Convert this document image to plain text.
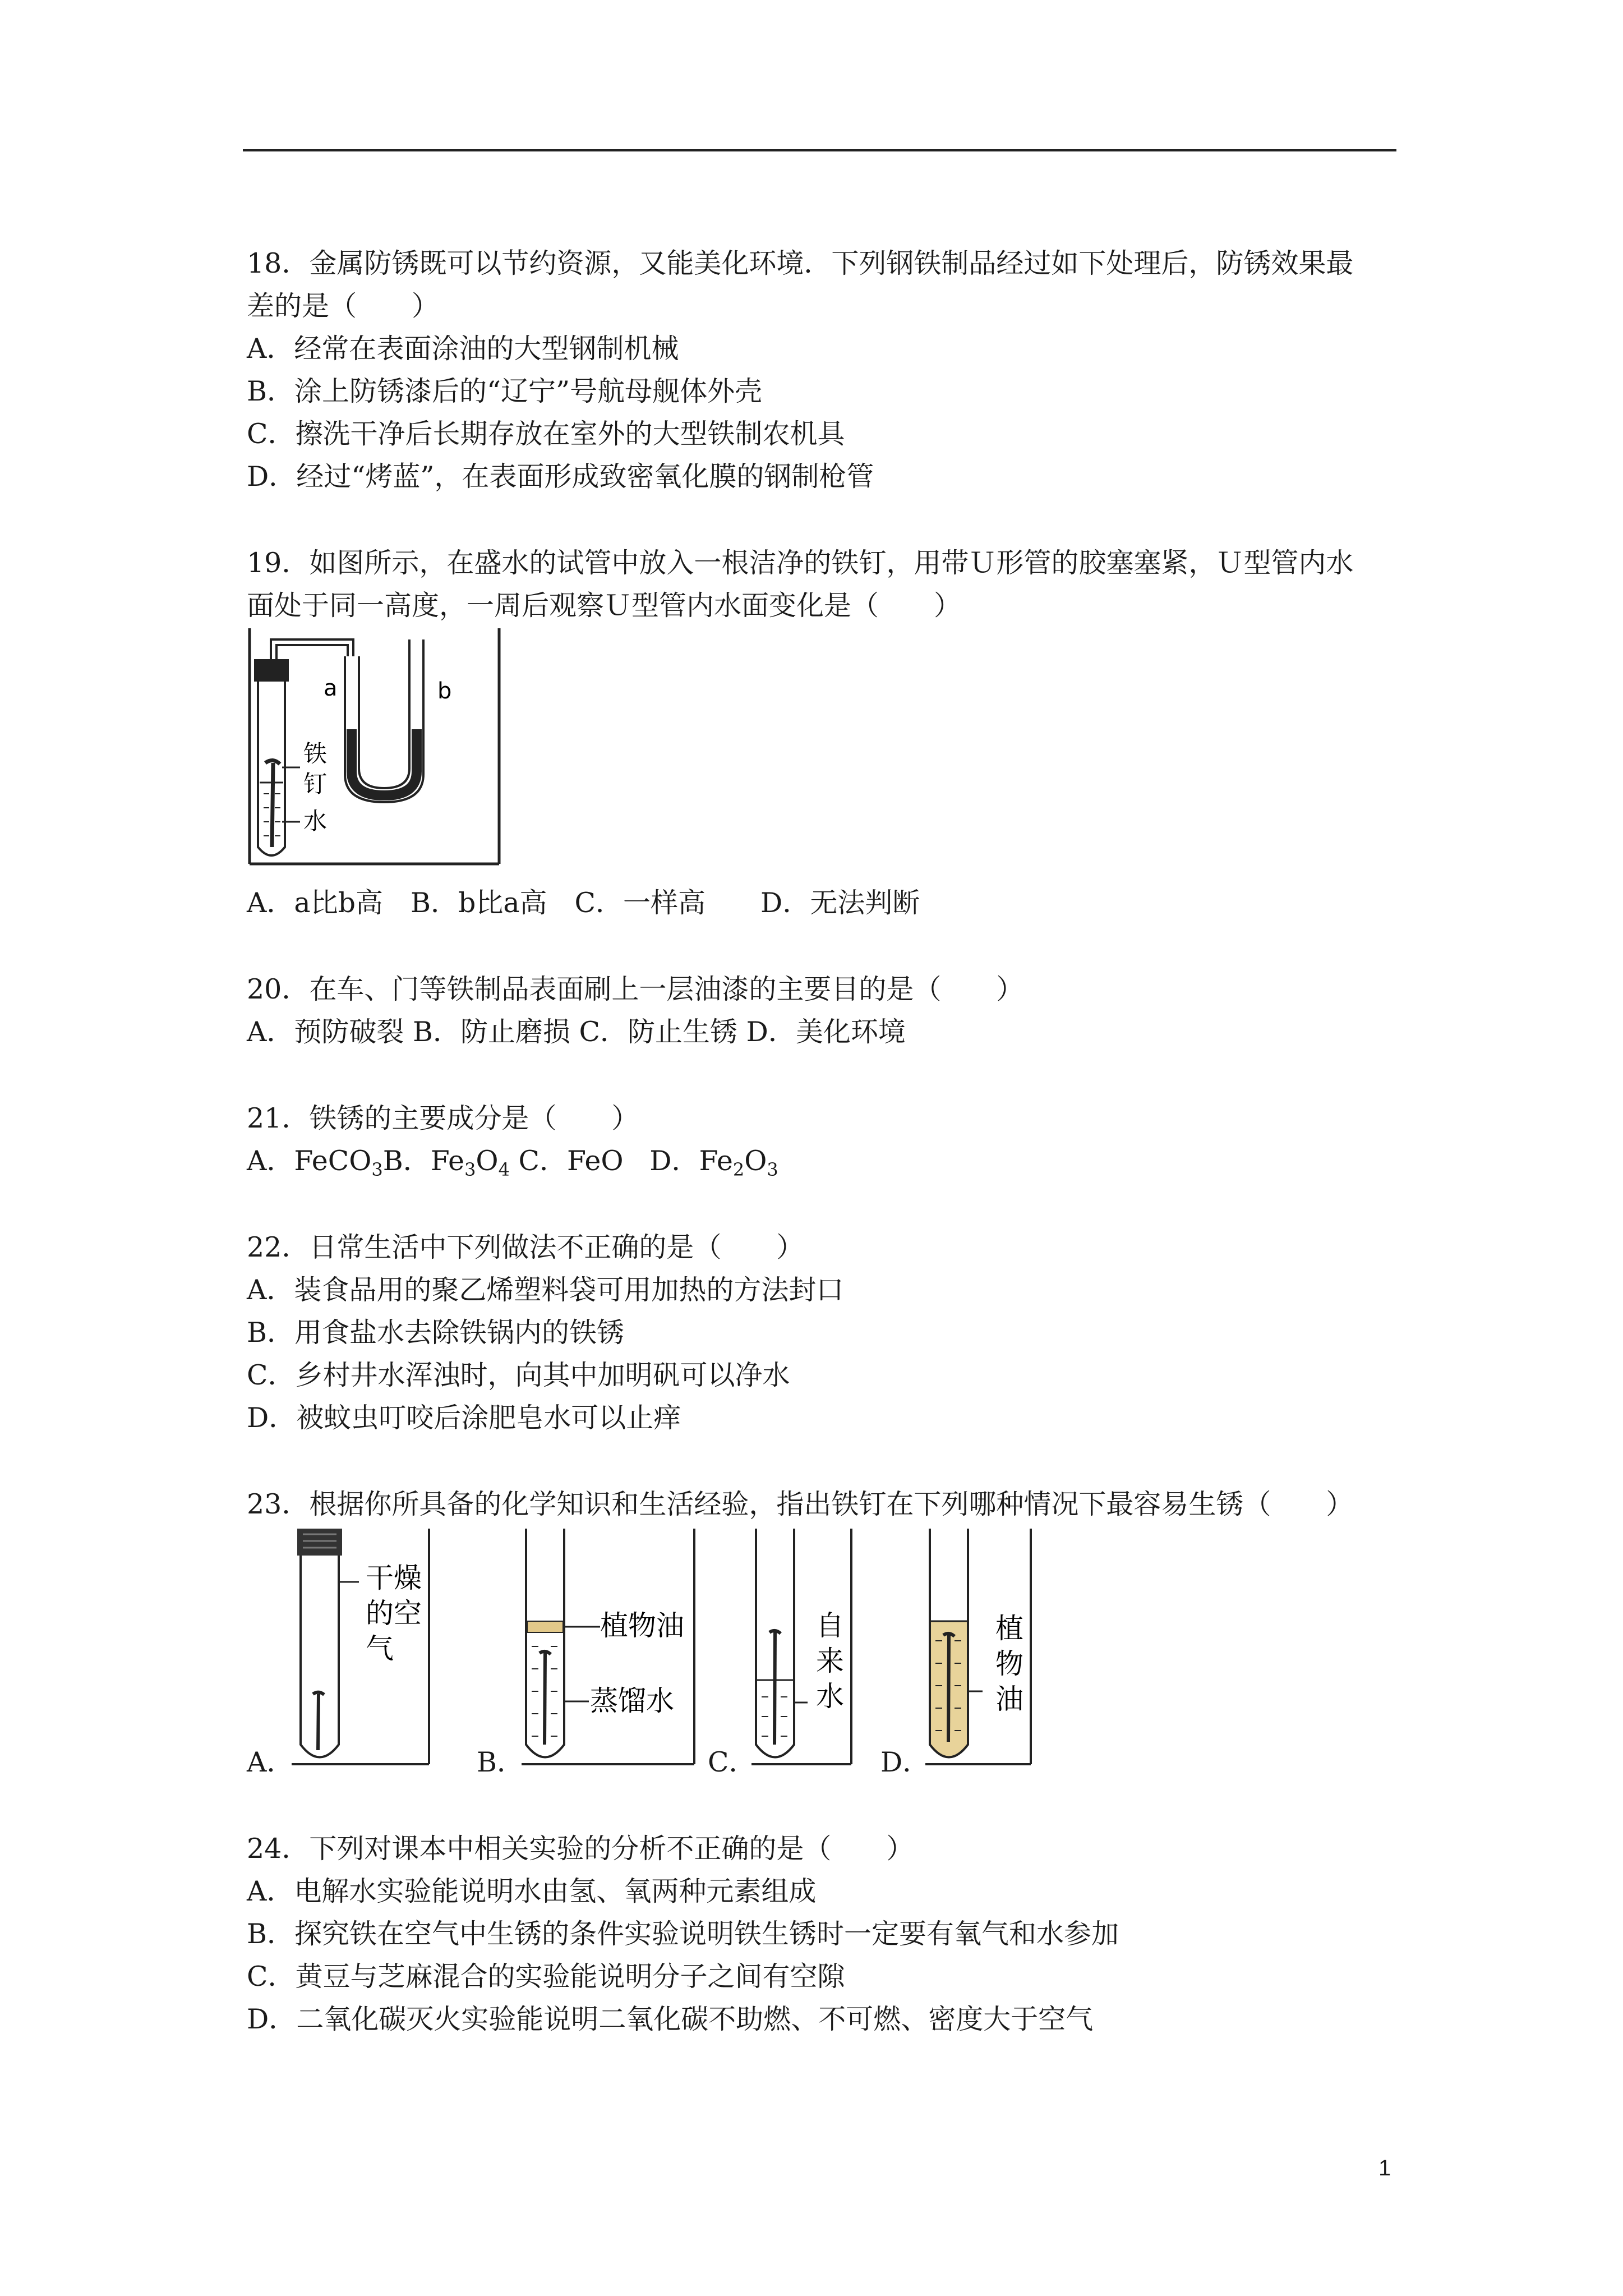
18．金属防锈既可以节约资源，又能美化环境．下列钢铁制品经过如下处理后，防锈效果最
差的是（　　）
A．经常在表面涂油的大型钢制机械
B．涂上防锈漆后的“辽宁”号航母舰体外壳
C．擦洗干净后长期存放在室外的大型铁制农机具
D．经过“烤蓝”，在表面形成致密氧化膜的钢制枪管
19．如图所示，在盛水的试管中放入一根洁净的铁钉，用带Ｕ形管的胶塞塞紧，Ｕ型管内水
面处于同一高度，一周后观察Ｕ型管内水面变化是（　　）
a	b
铁
钉
水
A．a比b高　B．b比a高　C．一样高　　D．无法判断
20．在车、门等铁制品表面刷上一层油漆的主要目的是（　　）
A．预防破裂 B．防止磨损 C．防止生锈 D．美化环境
21．铁锈的主要成分是（　　）
A．FeCO$_3$B．$Fe_3O_4$ C．FeO D．$Fe_2O_3$
22．日常生活中下列做法不正确的是（　　）
A．装食品用的聚乙烯塑料袋可用加热的方法封口
B．用食盐水去除铁锅内的铁锈
C．乡村井水浑浊时，向其中加明矾可以净水
D．被蚊虫叮咬后涂肥皂水可以止痒
23．根据你所具备的化学知识和生活经验，指出铁钉在下列哪种情况下最容易生锈（　　）
干燥
的空
气
A．
植物油
蒸馏水
B．
自
来
水
C．
植
物
油
D．
24．下列对课本中相关实验的分析不正确的是（　　）
A．电解水实验能说明水由氢、氧两种元素组成
B．探究铁在空气中生锈的条件实验说明铁生锈时一定要有氧气和水参加
C．黄豆与芝麻混合的实验能说明分子之间有空隙
D．二氧化碳灭火实验能说明二氧化碳不助燃、不可燃、密度大于空气
1
